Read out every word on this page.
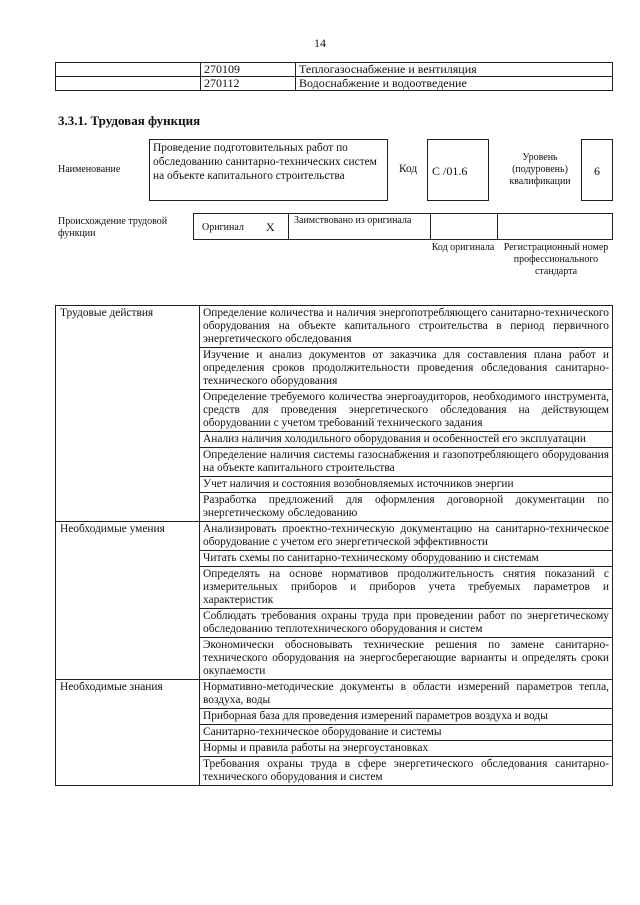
14
	270109	Теплогазоснабжение и вентиляция
	270112	Водоснабжение и водоотведение
3.3.1. Трудовая функция
Наименование
Проведение подготовительных работ по обследованию санитарно-технических систем на объекте капитального строительства
Код	С /01.6
Уровень (подуровень) квалификации
6
Происхождение трудовой функции
Оригинал Х Заимствовано из оригинала
Код оригинала Регистрационный номер профессионального стандарта
Трудовые действия	Определение количества и наличия энергопотребляющего санитарно-технического оборудования на объекте капитального строительства в период первичного энергетического обследования
	Изучение и анализ документов от заказчика для составления плана работ и определения сроков продолжительности проведения обследования санитарно-технического оборудования
	Определение требуемого количества энергоаудиторов, необходимого инструмента, средств для проведения энергетического обследования на действующем оборудовании с учетом требований технического задания
	Анализ наличия холодильного оборудования и особенностей его эксплуатации
	Определение наличия системы газоснабжения и газопотребляющего оборудования на объекте капитального строительства
	Учет наличия и состояния возобновляемых источников энергии
	Разработка предложений для оформления договорной документации по энергетическому обследованию
Необходимые умения	Анализировать проектно-техническую документацию на санитарно-техническое оборудование с учетом его энергетической эффективности
	Читать схемы по санитарно-техническому оборудованию и системам
	Определять на основе нормативов продолжительность снятия показаний с измерительных приборов и приборов учета требуемых параметров и характеристик
	Соблюдать требования охраны труда при проведении работ по энергетическому обследованию теплотехнического оборудования и систем
	Экономически обосновывать технические решения по замене санитарно-технического оборудования на энергосберегающие варианты и определять сроки окупаемости
Необходимые знания	Нормативно-методические документы в области измерений параметров тепла, воздуха, воды
	Приборная база для проведения измерений параметров воздуха и воды
	Санитарно-техническое оборудование и системы
	Нормы и правила работы на энергоустановках
	Требования охраны труда в сфере энергетического обследования санитарно-технического оборудования и систем
